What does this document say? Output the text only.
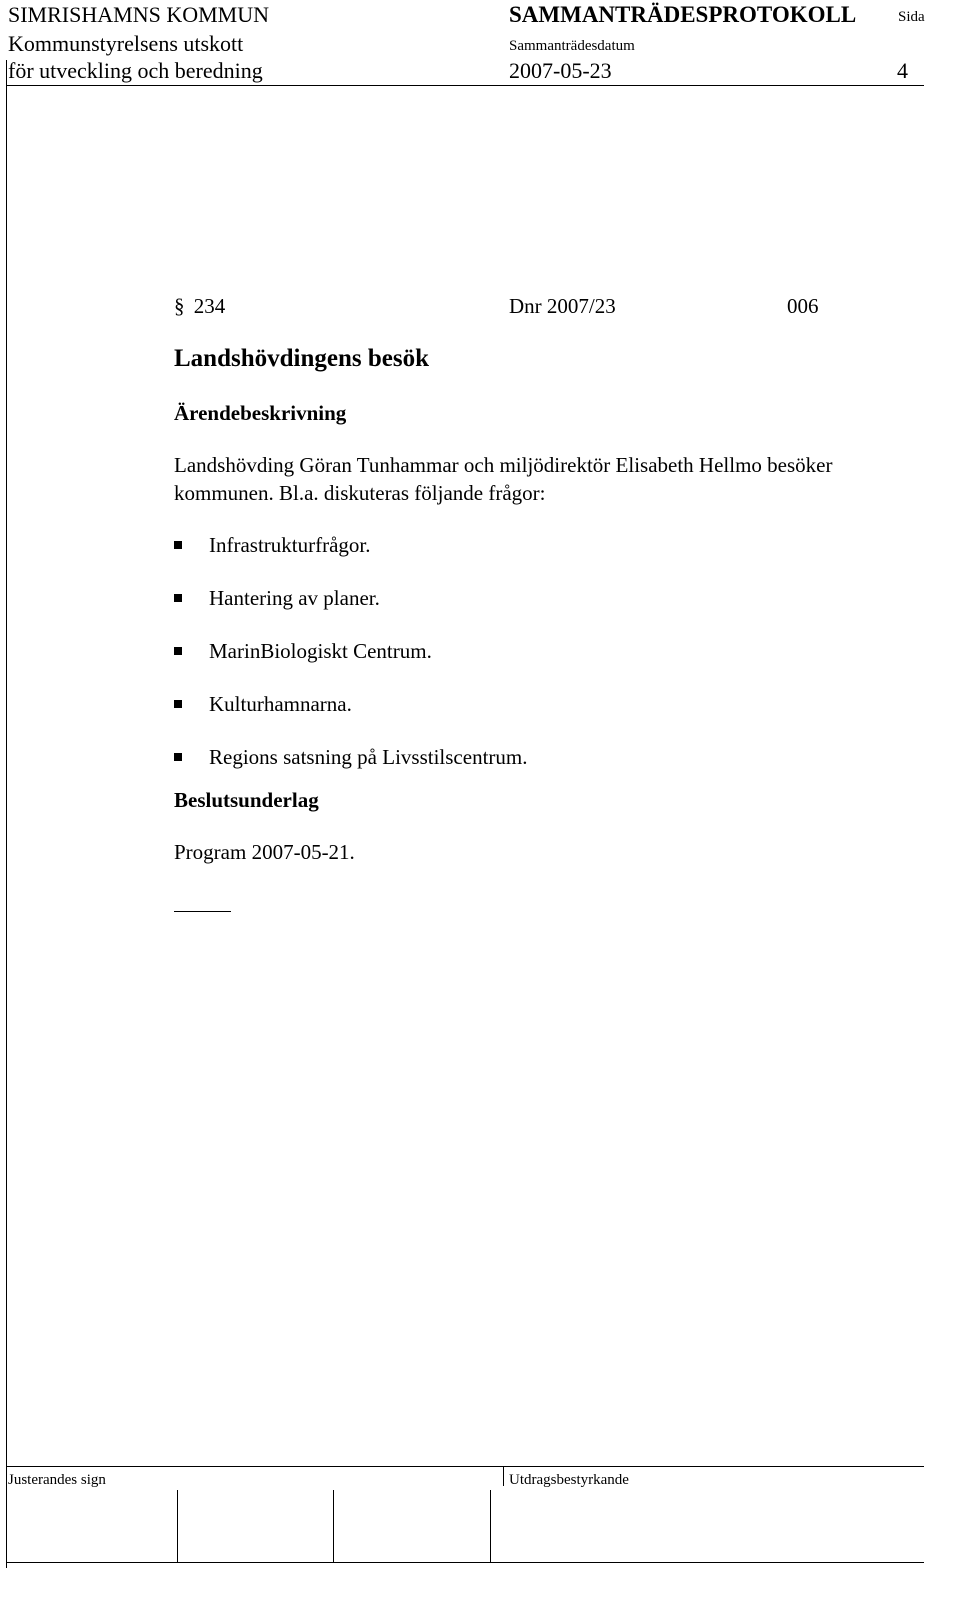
SIMRISHAMNS KOMMUN	SAMMANTRÄDESPROTOKOLL	Sida
Kommunstyrelsens utskott	Sammanträdesdatum
för utveckling och beredning	2007-05-23	4
§ 234	Dnr 2007/23	006
Landshövdingens besök
Ärendebeskrivning
Landshövding Göran Tunhammar och miljödirektör Elisabeth Hellmo besöker
kommunen. Bl.a. diskuteras följande frågor:
Infrastrukturfrågor.
Hantering av planer.
MarinBiologiskt Centrum.
Kulturhamnarna.
Regions satsning på Livsstilscentrum.
Beslutsunderlag
Program 2007-05-21.
Justerandes sign	Utdragsbestyrkande
